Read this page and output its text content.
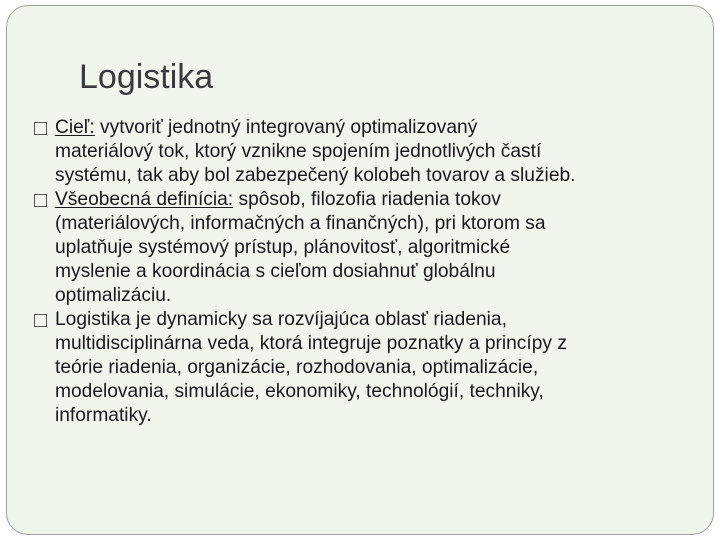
Logistika
Cieľ: vytvoriť jednotný integrovaný optimalizovaný
materiálový tok, ktorý vznikne spojením jednotlivých častí
systému, tak aby bol zabezpečený kolobeh tovarov a služieb.
Všeobecná definícia: spôsob, filozofia riadenia tokov
(materiálových, informačných a finančných), pri ktorom sa
uplatňuje systémový prístup, plánovitosť, algoritmické
myslenie a koordinácia s cieľom dosiahnuť globálnu
optimalizáciu.
Logistika je dynamicky sa rozvíjajúca oblasť riadenia,
multidisciplinárna veda, ktorá integruje poznatky a princípy z
teórie riadenia, organizácie, rozhodovania, optimalizácie,
modelovania, simulácie, ekonomiky, technológií, techniky,
informatiky.
